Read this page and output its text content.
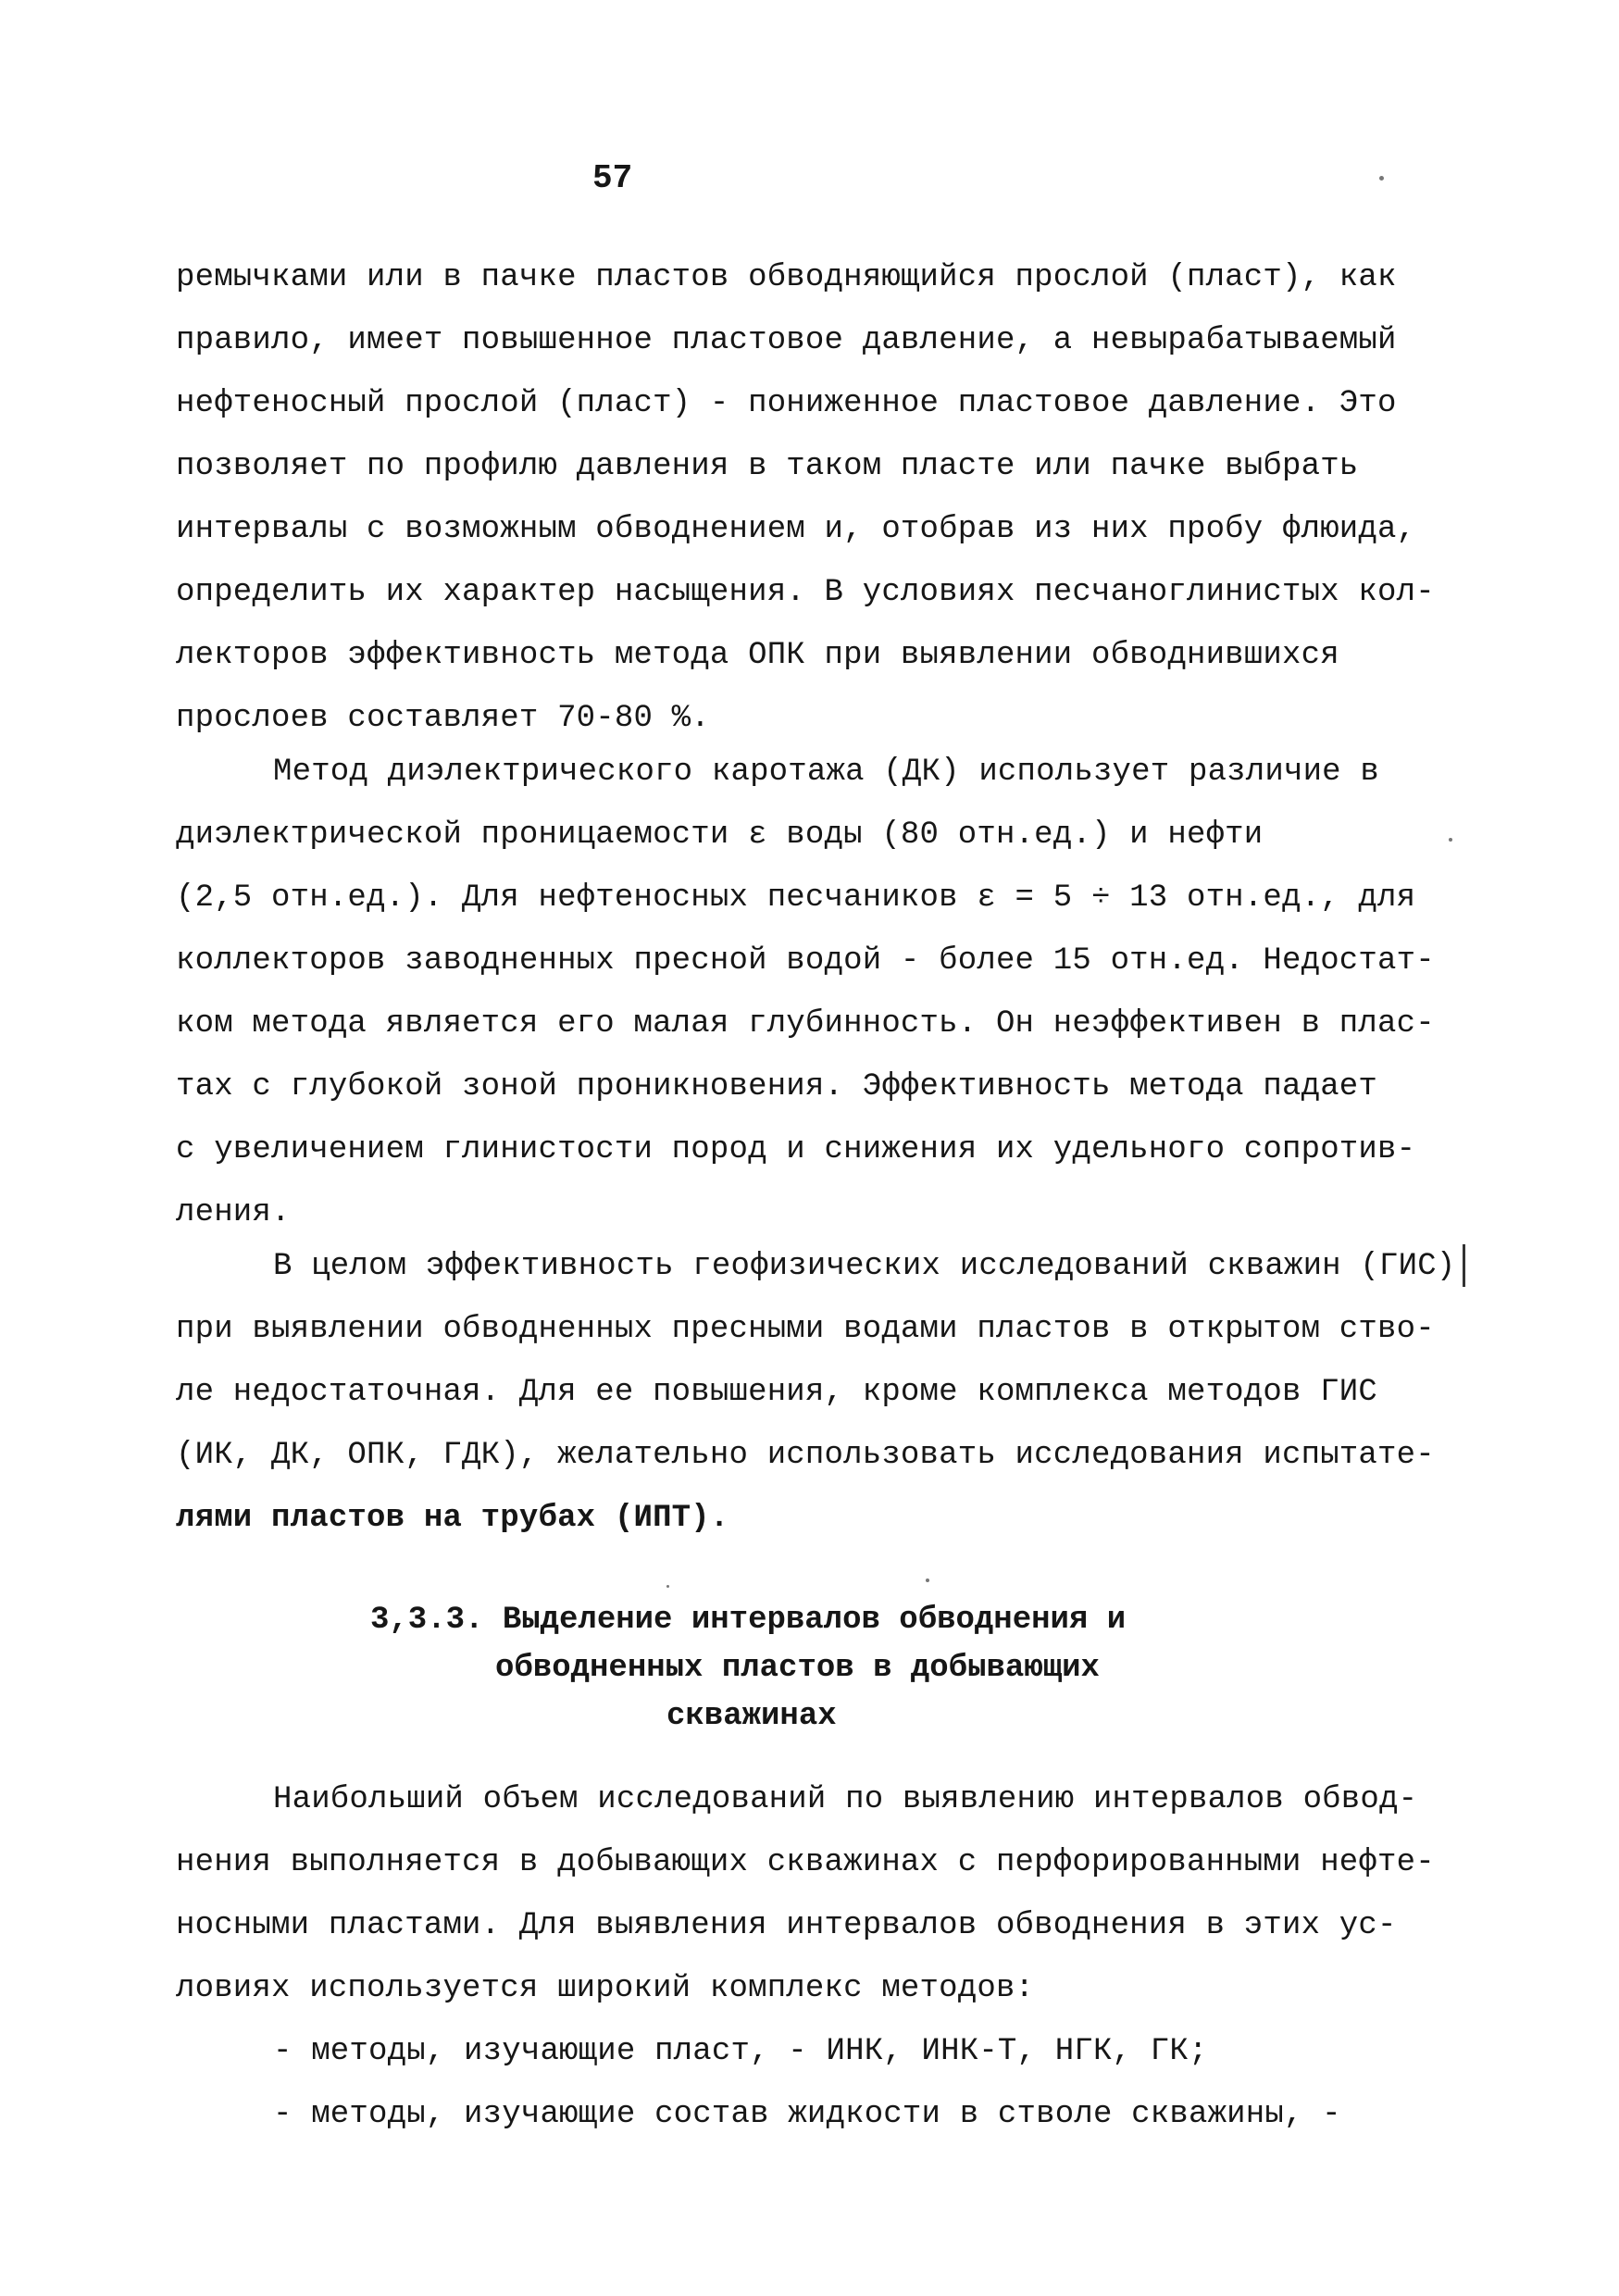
57
ремычками или в пачке пластов обводняющийся прослой (пласт), как
правило, имеет повышенное пластовое давление, а невырабатываемый
нефтеносный прослой (пласт) - пониженное пластовое давление. Это
позволяет по профилю давления в таком пласте или пачке выбрать
интервалы с возможным обводнением и, отобрав из них пробу флюида,
определить их характер насыщения. В условиях песчаноглинистых кол-
лекторов эффективность метода ОПК при выявлении обводнившихся
прослоев составляет 70-80 %.
Метод диэлектрического каротажа (ДК) использует различие в
диэлектрической проницаемости ε воды (80 отн.ед.) и нефти
(2,5 отн.ед.). Для нефтеносных песчаников ε = 5 ÷ 13 отн.ед., для
коллекторов заводненных пресной водой - более 15 отн.ед. Недостат-
ком метода является его малая глубинность. Он неэффективен в плас-
тах с глубокой зоной проникновения. Эффективность метода падает
с увеличением глинистости пород и снижения их удельного сопротив-
ления.
В целом эффективность геофизических исследований скважин (ГИС)
при выявлении обводненных пресными водами пластов в открытом ство-
ле недостаточная. Для ее повышения, кроме комплекса методов ГИС
(ИК, ДК, ОПК, ГДК), желательно использовать исследования испытате-
лями пластов на трубах (ИПТ).
3,3.3. Выделение интервалов обводнения и
обводненных пластов в добывающих
скважинах
Наибольший объем исследований по выявлению интервалов обвод-
нения выполняется в добывающих скважинах с перфорированными нефте-
носными пластами. Для выявления интервалов обводнения в этих ус-
ловиях используется широкий комплекс методов:
- методы, изучающие пласт, - ИНК, ИНК-Т, НГК, ГК;
- методы, изучающие состав жидкости в стволе скважины, -
